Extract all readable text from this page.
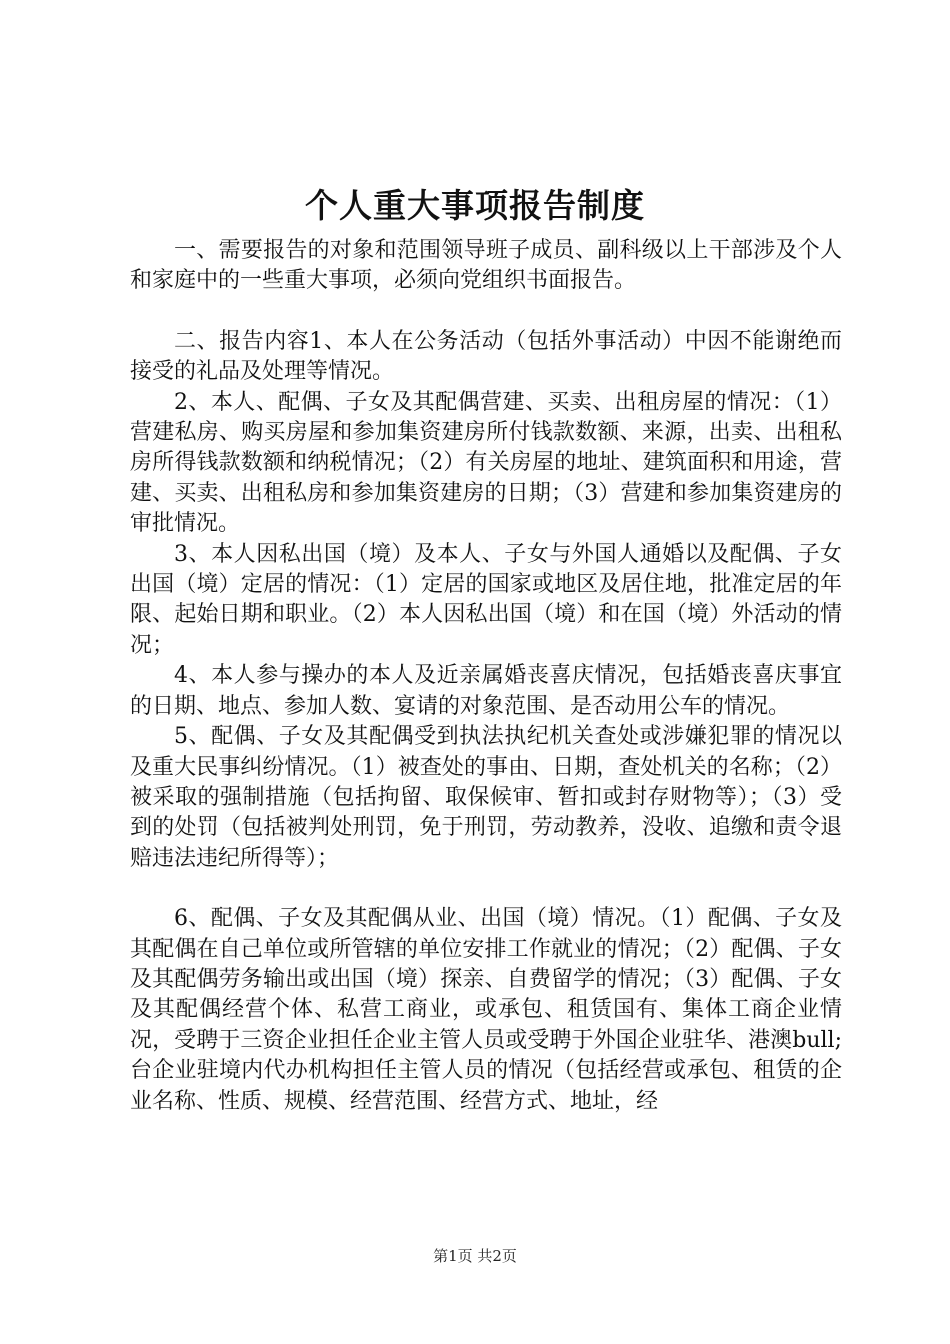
个人重大事项报告制度

一、需要报告的对象和范围领导班子成员、副科级以上干部涉及个人和家庭中的一些重大事项，必须向党组织书面报告。

二、报告内容1、本人在公务活动（包括外事活动）中因不能谢绝而接受的礼品及处理等情况。

2、本人、配偶、子女及其配偶营建、买卖、出租房屋的情况：（1）营建私房、购买房屋和参加集资建房所付钱款数额、来源，出卖、出租私房所得钱款数额和纳税情况；（2）有关房屋的地址、建筑面积和用途，营建、买卖、出租私房和参加集资建房的日期；（3）营建和参加集资建房的审批情况。

3、本人因私出国（境）及本人、子女与外国人通婚以及配偶、子女出国（境）定居的情况：（1）定居的国家或地区及居住地，批准定居的年限、起始日期和职业。（2）本人因私出国（境）和在国（境）外活动的情况；

4、本人参与操办的本人及近亲属婚丧喜庆情况，包括婚丧喜庆事宜的日期、地点、参加人数、宴请的对象范围、是否动用公车的情况。

5、配偶、子女及其配偶受到执法执纪机关查处或涉嫌犯罪的情况以及重大民事纠纷情况。（1）被查处的事由、日期，查处机关的名称；（2）被采取的强制措施（包括拘留、取保候审、暂扣或封存财物等）；（3）受到的处罚（包括被判处刑罚，免于刑罚，劳动教养，没收、追缴和责令退赔违法违纪所得等）；

6、配偶、子女及其配偶从业、出国（境）情况。（1）配偶、子女及其配偶在自己单位或所管辖的单位安排工作就业的情况；（2）配偶、子女及其配偶劳务输出或出国（境）探亲、自费留学的情况；（3）配偶、子女及其配偶经营个体、私营工商业，或承包、租赁国有、集体工商企业情况，受聘于三资企业担任企业主管人员或受聘于外国企业驻华、港澳bull;台企业驻境内代办机构担任主管人员的情况（包括经营或承包、租赁的企业名称、性质、规模、经营范围、经营方式、地址，经

第1页 共2页
